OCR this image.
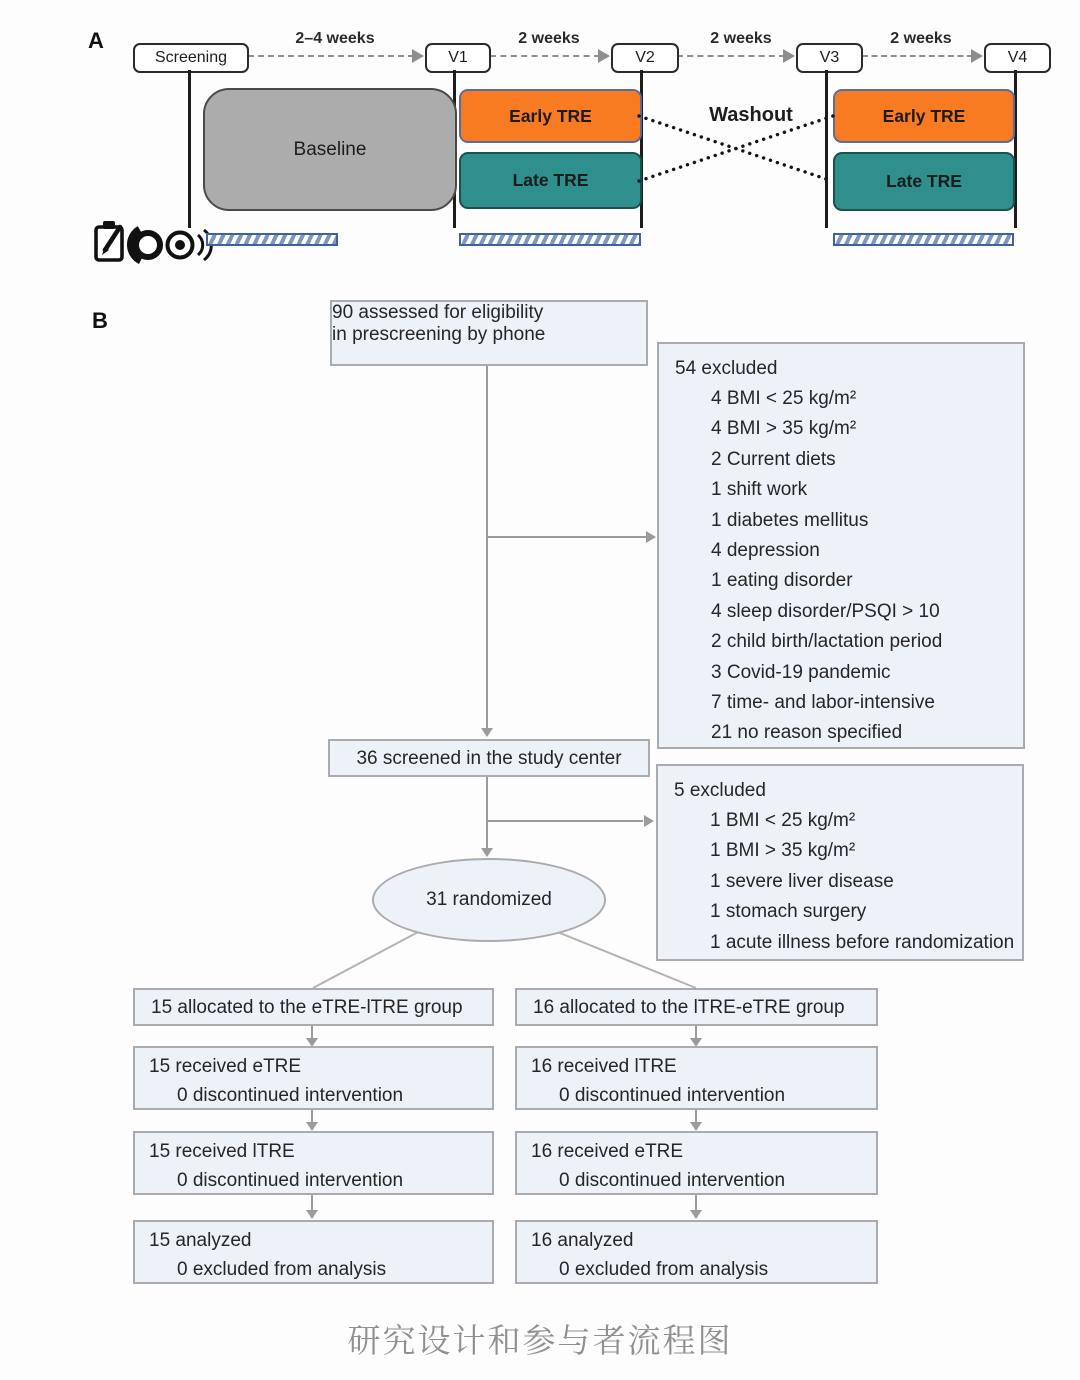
A	2–4 weeks	2 weeks	2 weeks	2 weeks
Screening	V1	V2	V3	V4
Baseline
Early TRE
Late TRE
Early TRE
Late TRE
Washout
B	90 assessed for eligibility
in prescreening by phone
54 excluded
4 BMI < 25 kg/m²
4 BMI > 35 kg/m²
2 Current diets
1 shift work
1 diabetes mellitus
4 depression
1 eating disorder
4 sleep disorder/PSQI > 10
2 child birth/lactation period
3 Covid-19 pandemic
7 time- and labor-intensive
21 no reason specified
36 screened in the study center
5 excluded
1 BMI < 25 kg/m²
1 BMI > 35 kg/m²
1 severe liver disease
1 stomach surgery
1 acute illness before randomization
31 randomized
15 allocated to the eTRE-lTRE group
15 received eTRE
0 discontinued intervention
15 received lTRE
0 discontinued intervention
15 analyzed
0 excluded from analysis
16 allocated to the lTRE-eTRE group
16 received lTRE
0 discontinued intervention
16 received eTRE
0 discontinued intervention
16 analyzed
0 excluded from analysis
研究设计和参与者流程图
